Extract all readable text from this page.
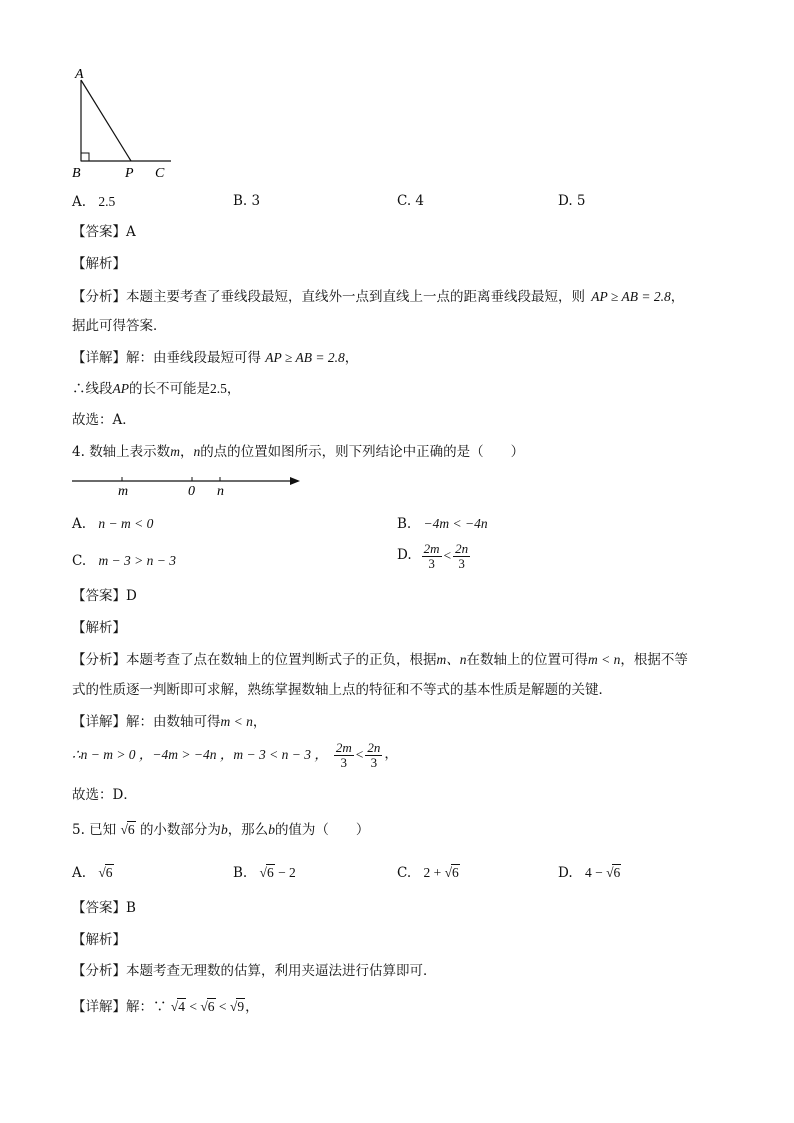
A
B	P C
A. 2.5	B. 3	C. 4	D. 5
【答案】A
【解析】
【分析】本题主要考查了垂线段最短，直线外一点到直线上一点的距离垂线段最短，则 AP ≥ AB = 2.8，
据此可得答案．
【详解】解：由垂线段最短可得 AP ≥ AB = 2.8，
∴线段AP的长不可能是2.5，
故选：A．
4. 数轴上表示数m，n的点的位置如图所示，则下列结论中正确的是（　　）
m	0 n
A. n − m < 0	B. −4m < −4n
C. m − 3 > n − 3	D. $\frac{2m}{3} < \frac{2n}{3}$
【答案】D
【解析】
【分析】本题考查了点在数轴上的位置判断式子的正负，根据m、n在数轴上的位置可得m < n，根据不等
式的性质逐一判断即可求解，熟练掌握数轴上点的特征和不等式的基本性质是解题的关键．
【详解】解：由数轴可得m < n，
∴n − m > 0 ，−4m > −4n ，m − 3 < n − 3 ， $\frac{2m}{3} < \frac{2n}{3}$ ，
故选：D．
5. 已知 √6 的小数部分为b，那么b的值为（　　）
A. √6	B. √6 − 2	C. 2 + √6	D. 4 − √6
【答案】B
【解析】
【分析】本题考查无理数的估算，利用夹逼法进行估算即可．
【详解】解：∵ √4 < √6 < √9，
